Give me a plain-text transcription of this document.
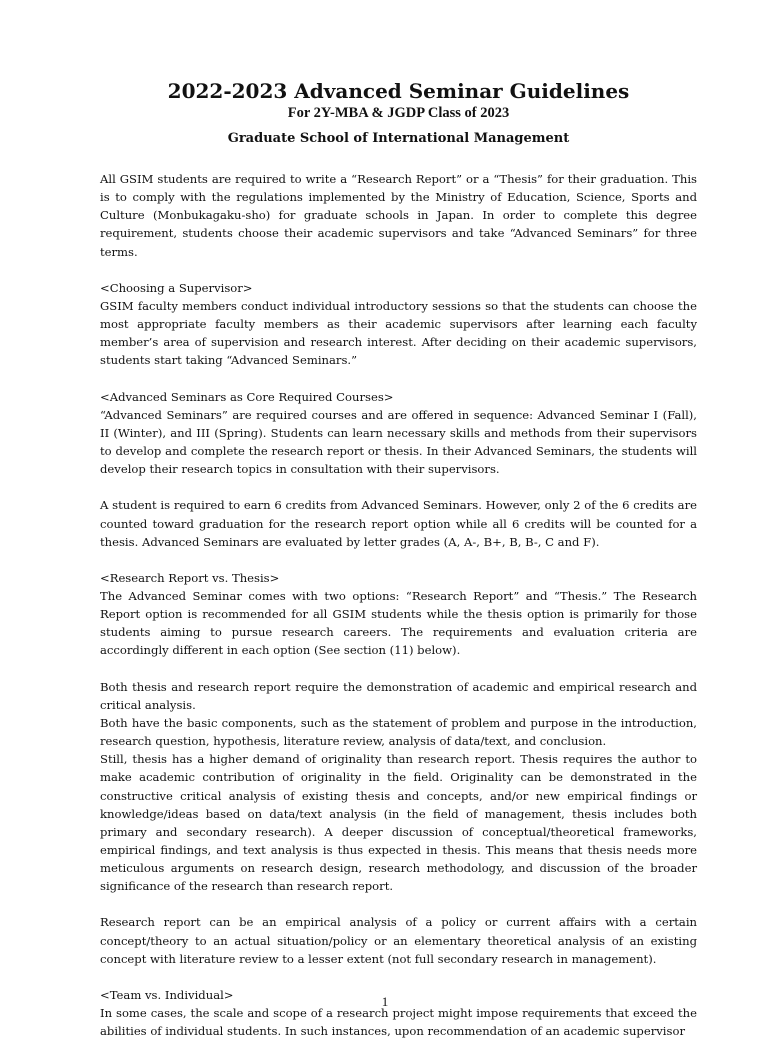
2022-2023 Advanced Seminar Guidelines
For 2Y-MBA & JGDP Class of 2023
Graduate School of International Management

All GSIM students are required to write a “Research Report” or a “Thesis” for their graduation. This is to comply with the regulations implemented by the Ministry of Education, Science, Sports and Culture (Monbukagaku-sho) for graduate schools in Japan. In order to complete this degree requirement, students choose their academic supervisors and take “Advanced Seminars” for three terms.

<Choosing a Supervisor>

GSIM faculty members conduct individual introductory sessions so that the students can choose the most appropriate faculty members as their academic supervisors after learning each faculty member’s area of supervision and research interest. After deciding on their academic supervisors, students start taking “Advanced Seminars.”

<Advanced Seminars as Core Required Courses>

“Advanced Seminars” are required courses and are offered in sequence: Advanced Seminar I (Fall), II (Winter), and III (Spring). Students can learn necessary skills and methods from their supervisors to develop and complete the research report or thesis. In their Advanced Seminars, the students will develop their research topics in consultation with their supervisors.

A student is required to earn 6 credits from Advanced Seminars. However, only 2 of the 6 credits are counted toward graduation for the research report option while all 6 credits will be counted for a thesis. Advanced Seminars are evaluated by letter grades (A, A-, B+, B, B-, C and F).

<Research Report vs. Thesis>

The Advanced Seminar comes with two options: “Research Report” and “Thesis.” The Research Report option is recommended for all GSIM students while the thesis option is primarily for those students aiming to pursue research careers. The requirements and evaluation criteria are accordingly different in each option (See section (11) below).

Both thesis and research report require the demonstration of academic and empirical research and critical analysis.

Both have the basic components, such as the statement of problem and purpose in the introduction, research question, hypothesis, literature review, analysis of data/text, and conclusion.

Still, thesis has a higher demand of originality than research report. Thesis requires the author to make academic contribution of originality in the field. Originality can be demonstrated in the constructive critical analysis of existing thesis and concepts, and/or new empirical findings or knowledge/ideas based on data/text analysis (in the field of management, thesis includes both primary and secondary research). A deeper discussion of conceptual/theoretical frameworks, empirical findings, and text analysis is thus expected in thesis. This means that thesis needs more meticulous arguments on research design, research methodology, and discussion of the broader significance of the research than research report.

Research report can be an empirical analysis of a policy or current affairs with a certain concept/theory to an actual situation/policy or an elementary theoretical analysis of an existing concept with literature review to a lesser extent (not full secondary research in management).

<Team vs. Individual>

In some cases, the scale and scope of a research project might impose requirements that exceed the abilities of individual students. In such instances, upon recommendation of an academic supervisor

1
